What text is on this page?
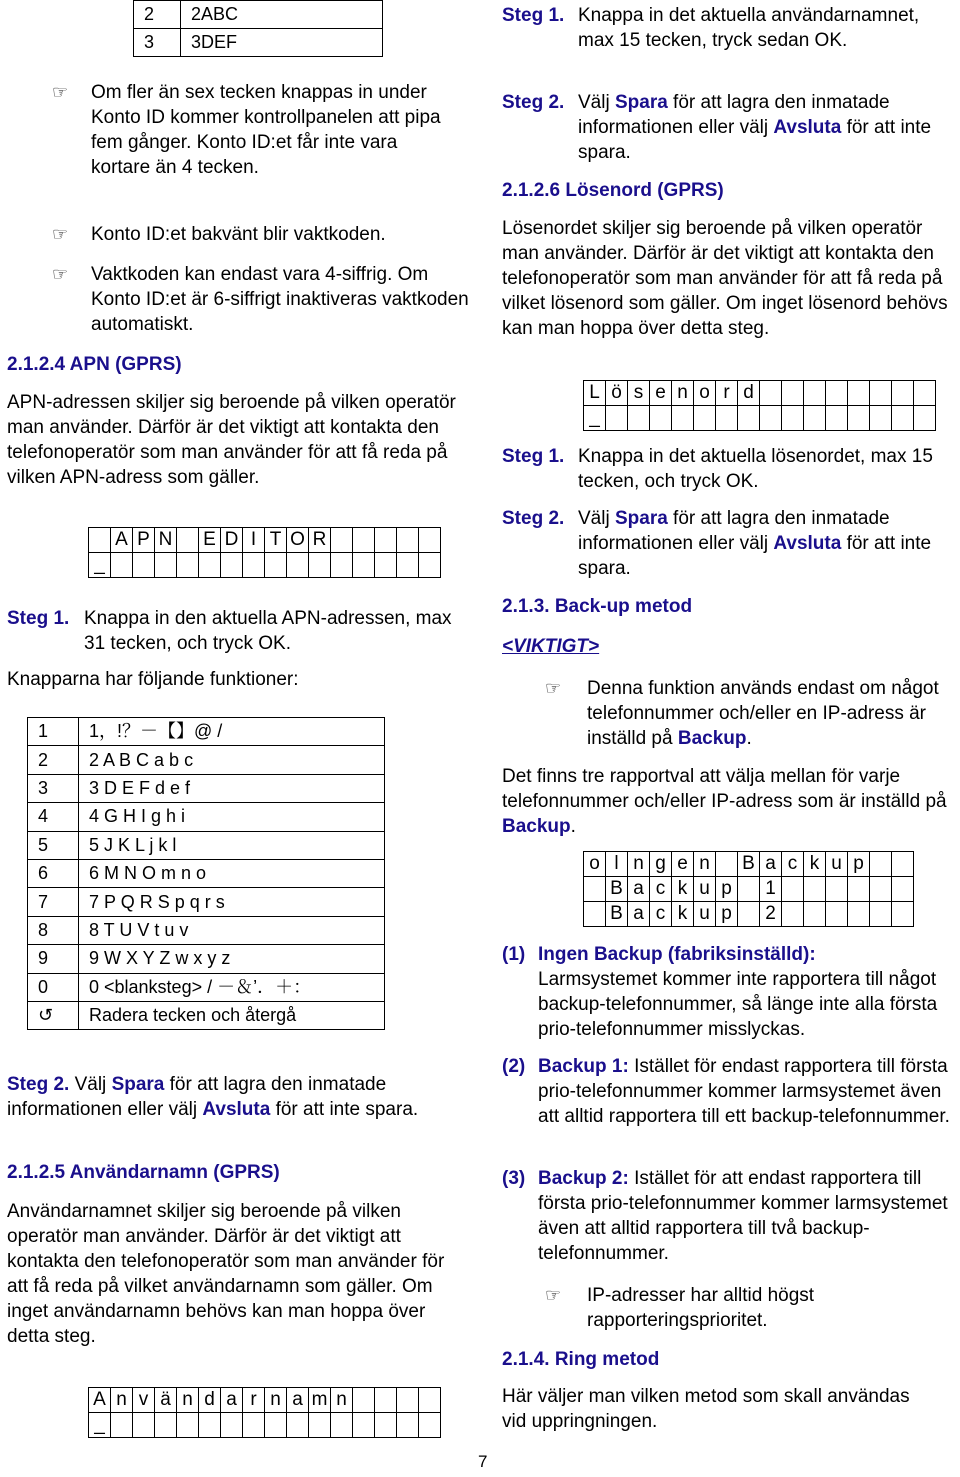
2	2ABC
3	3DEF
☞ Om fler än sex tecken knappas in under Konto ID kommer kontrollpanelen att pipa fem gånger. Konto ID:et får inte vara kortare än 4 tecken.
☞ Konto ID:et bakvänt blir vaktkoden.
☞ Vaktkoden kan endast vara 4-siffrig. Om Konto ID:et är 6-siffrigt inaktiveras vaktkoden automatiskt.
2.1.2.4 APN (GPRS)
APN-adressen skiljer sig beroende på vilken operatör man använder. Därför är det viktigt att kontakta den telefonoperatör som man använder för att få reda på vilken APN-adress som gäller.
	A	P	N		E	D	I	T	O	R					
_															
Steg 1. Knappa in den aktuella APN-adressen, max 31 tecken, och tryck OK.
Knapparna har följande funktioner:
1	1，!？－【】@ /
2	2 A B C a b c
3	3 D E F d e f
4	4 G H I g h i
5	5 J K L j k l
6	6 M N O m n o
7	7 P Q R S p q r s
8	8 T U V t u v
9	9 W X Y Z w x y z
0	0 <blanksteg> / －＆’．＋：
↺	Radera tecken och återgå
Steg 2. Välj Spara för att lagra den inmatade informationen eller välj Avsluta för att inte spara.
2.1.2.5 Användarnamn (GPRS)
Användarnamnet skiljer sig beroende på vilken operatör man använder. Därför är det viktigt att kontakta den telefonoperatör som man använder för att få reda på vilket användarnamn som gäller. Om inget användarnamn behövs kan man hoppa över detta steg.
A	n	v	ä	n	d	a	r	n	a	m	n				
_															
Steg 1. Knappa in det aktuella användarnamnet, max 15 tecken, tryck sedan OK.
Steg 2. Välj Spara för att lagra den inmatade informationen eller välj Avsluta för att inte spara.
2.1.2.6 Lösenord (GPRS)
Lösenordet skiljer sig beroende på vilken operatör man använder. Därför är det viktigt att kontakta den telefonoperatör som man använder för att få reda på vilket lösenord som gäller. Om inget lösenord behövs kan man hoppa över detta steg.
L	ö	s	e	n	o	r	d								
_															
Steg 1. Knappa in det aktuella lösenordet, max 15 tecken, och tryck OK.
Steg 2. Välj Spara för att lagra den inmatade informationen eller välj Avsluta för att inte spara.
2.1.3. Back-up metod
<VIKTIGT>
☞ Denna funktion används endast om något telefonnummer och/eller en IP-adress är inställd på Backup.
Det finns tre rapportval att välja mellan för varje telefonnummer och/eller IP-adress som är inställd på Backup.
o	l	n	g	e	n		B	a	c	k	u	p		
	B	a	c	k	u	p		1						
	B	a	c	k	u	p		2						
(1) Ingen Backup (fabriksinställd):
Larmsystemet kommer inte rapportera till något backup-telefonnummer, så länge inte alla första prio-telefonnummer misslyckas.
(2) Backup 1: Istället för endast rapportera till första prio-telefonnummer kommer larmsystemet även att alltid rapportera till ett backup-telefonnummer.
(3) Backup 2: Istället för att endast rapportera till första prio-telefonnummer kommer larmsystemet även att alltid rapportera till två backup-telefonnummer.
☞ IP-adresser har alltid högst rapporteringsprioritet.
2.1.4. Ring metod
Här väljer man vilken metod som skall användas vid uppringningen.
7
